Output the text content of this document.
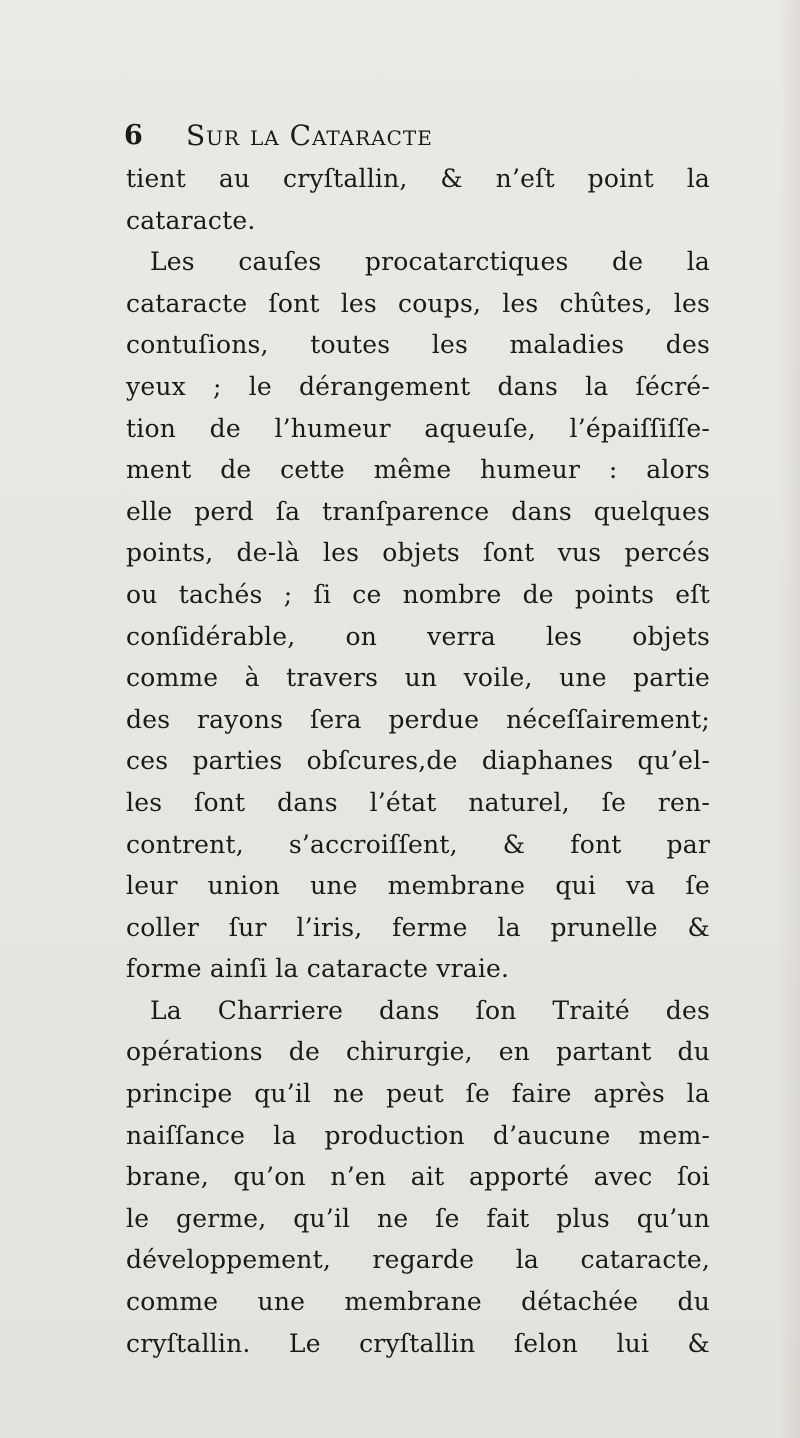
6 Sur la Cataracte
tient au cryſtallin, & n’eſt point la
cataracte.
Les cauſes procatarctiques de la
cataracte ſont les coups, les chûtes, les
contuſions, toutes les maladies des
yeux ; le dérangement dans la ſécré-
tion de l’humeur aqueuſe, l’épaiſſiſſe-
ment de cette même humeur : alors
elle perd ſa tranſparence dans quelques
points, de-là les objets ſont vus percés
ou tachés ; ſi ce nombre de points eſt
conſidérable, on verra les objets
comme à travers un voile, une partie
des rayons ſera perdue néceſſairement;
ces parties obſcures,de diaphanes qu’el-
les ſont dans l’état naturel, ſe ren-
contrent, s’accroiſſent, & font par
leur union une membrane qui va ſe
coller ſur l’iris, ferme la prunelle &
forme ainſi la cataracte vraie.
La Charriere dans ſon Traité des
opérations de chirurgie, en partant du
principe qu’il ne peut ſe faire après la
naiſſance la production d’aucune mem-
brane, qu’on n’en ait apporté avec ſoi
le germe, qu’il ne ſe fait plus qu’un
développement, regarde la cataracte,
comme une membrane détachée du
cryſtallin. Le cryſtallin ſelon lui &
